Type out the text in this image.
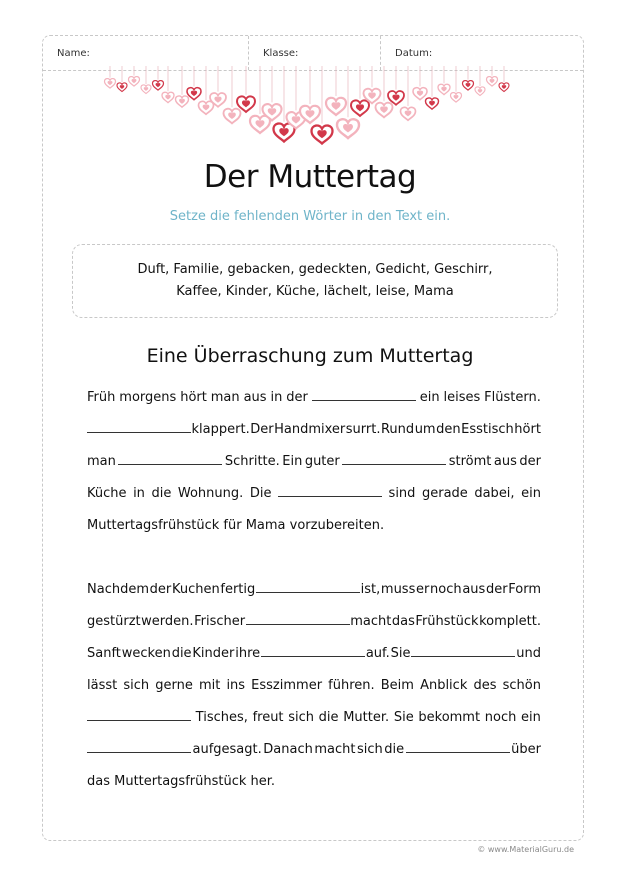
Name:	Klasse:	Datum:
Der Muttertag
Setze die fehlenden Wörter in den Text ein.
Duft, Familie, gebacken, gedeckten, Gedicht, Geschirr,
Kaffee, Kinder, Küche, lächelt, leise, Mama
Eine Überraschung zum Muttertag
Früh morgens hört man aus in der	ein leises Flüstern.
klappert. Der Handmixer surrt. Rund um den Esstisch hört
man	Schritte. Ein guter	strömt aus der
Küche in die Wohnung. Die	sind gerade dabei, ein
Muttertagsfrühstück für Mama vorzubereiten.
Nachdem der Kuchen fertig	ist, muss er noch aus der Form
gestürzt werden. Frischer	macht das Frühstück komplett.
Sanft wecken die Kinder ihre	auf. Sie	und
lässt sich gerne mit ins Esszimmer führen. Beim Anblick des schön
Tisches, freut sich die Mutter. Sie bekommt noch ein
aufgesagt. Danach macht sich die	über
das Muttertagsfrühstück her.
© www.MaterialGuru.de
